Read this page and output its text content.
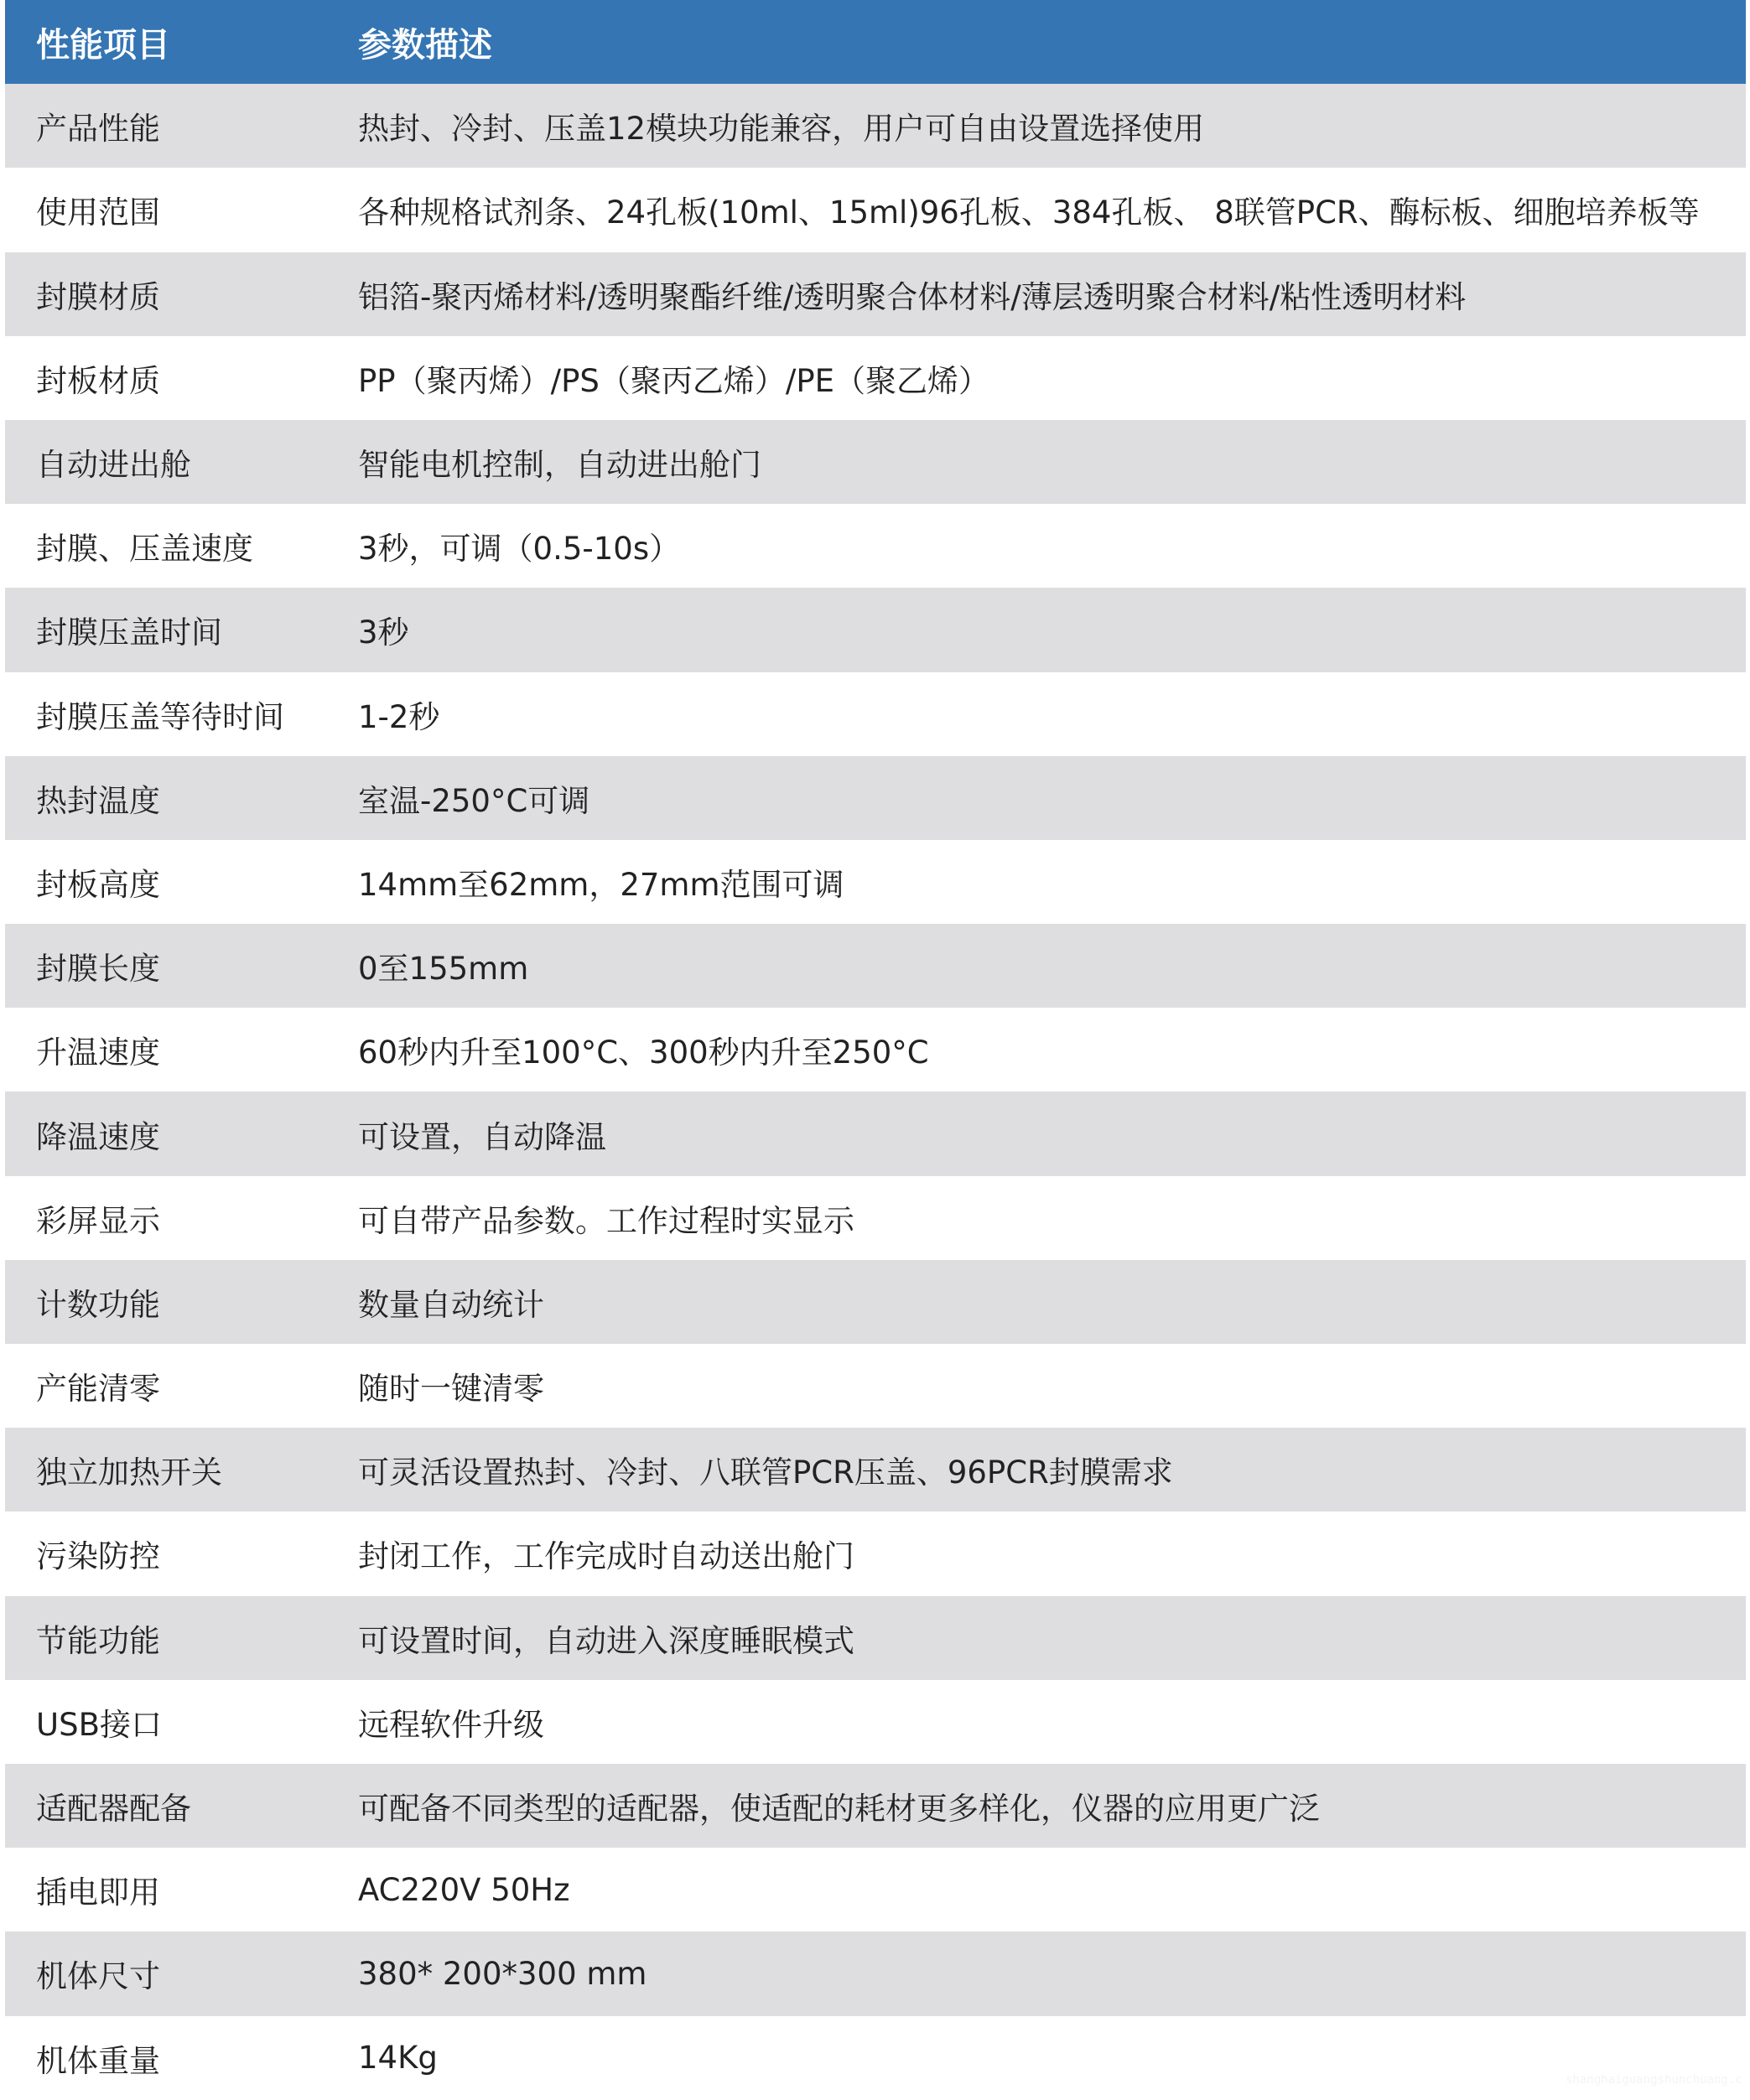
性能项目	参数描述
产品性能	热封、冷封、压盖12模块功能兼容，用户可自由设置选择使用
使用范围	各种规格试剂条、24孔板(10ml、15ml)96孔板、384孔板、 8联管PCR、酶标板、细胞培养板等
封膜材质	铝箔-聚丙烯材料/透明聚酯纤维/透明聚合体材料/薄层透明聚合材料/粘性透明材料
封板材质	PP（聚丙烯）/PS（聚丙乙烯）/PE（聚乙烯）
自动进出舱	智能电机控制，自动进出舱门
封膜、压盖速度	3秒，可调（0.5-10s）
封膜压盖时间	3秒
封膜压盖等待时间 1-2秒
热封温度	室温-250°C可调
封板高度	14mm至62mm，27mm范围可调
封膜长度	0至155mm
升温速度	60秒内升至100°C、300秒内升至250°C
降温速度	可设置，自动降温
彩屏显示	可自带产品参数。工作过程时实显示
计数功能	数量自动统计
产能清零	随时一键清零
独立加热开关	可灵活设置热封、冷封、八联管PCR压盖、96PCR封膜需求
污染防控	封闭工作，工作完成时自动送出舱门
节能功能	可设置时间，自动进入深度睡眠模式
USB接口	远程软件升级
适配器配备	可配备不同类型的适配器，使适配的耗材更多样化，仪器的应用更广泛
插电即用	AC220V 50Hz
机体尺寸	380* 200*300 mm
机体重量	14Kg
shanghaiguangshunchuang.c
